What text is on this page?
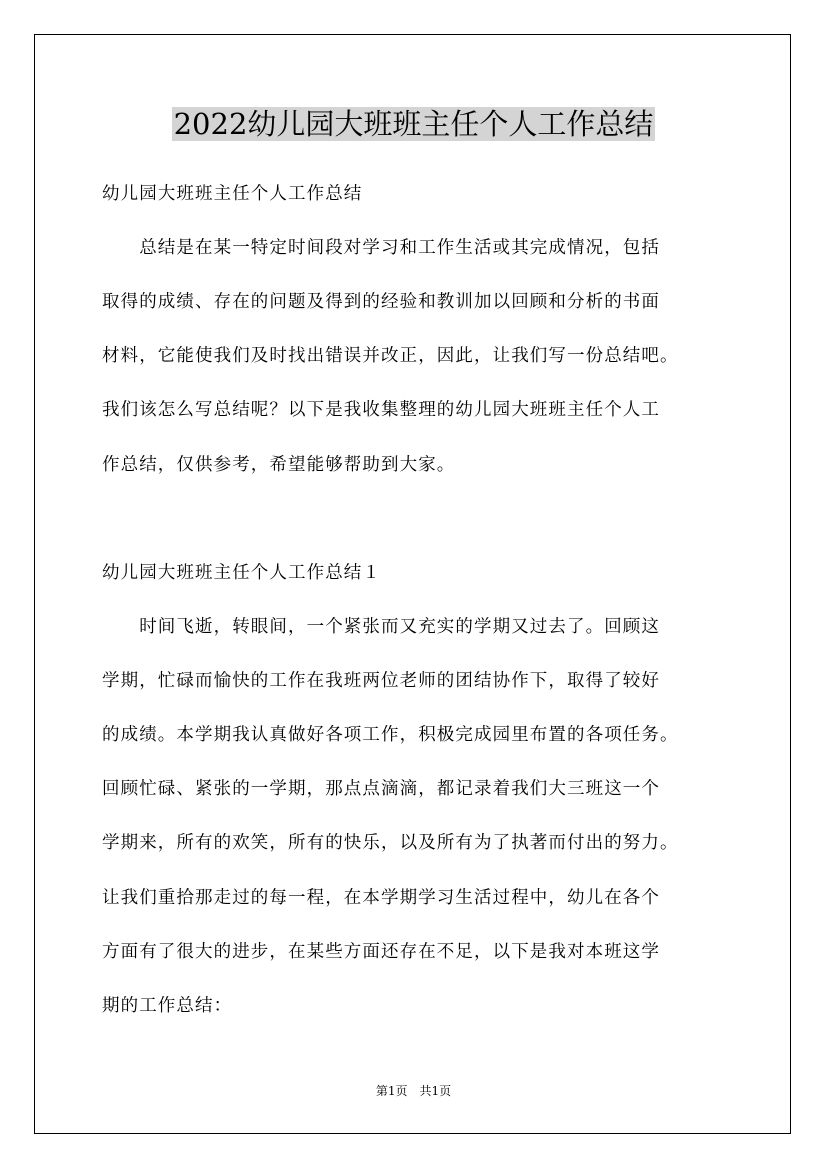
2022幼儿园大班班主任个人工作总结
幼儿园大班班主任个人工作总结
　　总结是在某一特定时间段对学习和工作生活或其完成情况，包括
取得的成绩、存在的问题及得到的经验和教训加以回顾和分析的书面
材料，它能使我们及时找出错误并改正，因此，让我们写一份总结吧。
我们该怎么写总结呢？以下是我收集整理的幼儿园大班班主任个人工
作总结，仅供参考，希望能够帮助到大家。
幼儿园大班班主任个人工作总结１
　　时间飞逝，转眼间，一个紧张而又充实的学期又过去了。回顾这
学期，忙碌而愉快的工作在我班两位老师的团结协作下，取得了较好
的成绩。本学期我认真做好各项工作，积极完成园里布置的各项任务。
回顾忙碌、紧张的一学期，那点点滴滴，都记录着我们大三班这一个
学期来，所有的欢笑，所有的快乐，以及所有为了执著而付出的努力。
让我们重拾那走过的每一程，在本学期学习生活过程中，幼儿在各个
方面有了很大的进步，在某些方面还存在不足，以下是我对本班这学
期的工作总结：
第1页　共1页
